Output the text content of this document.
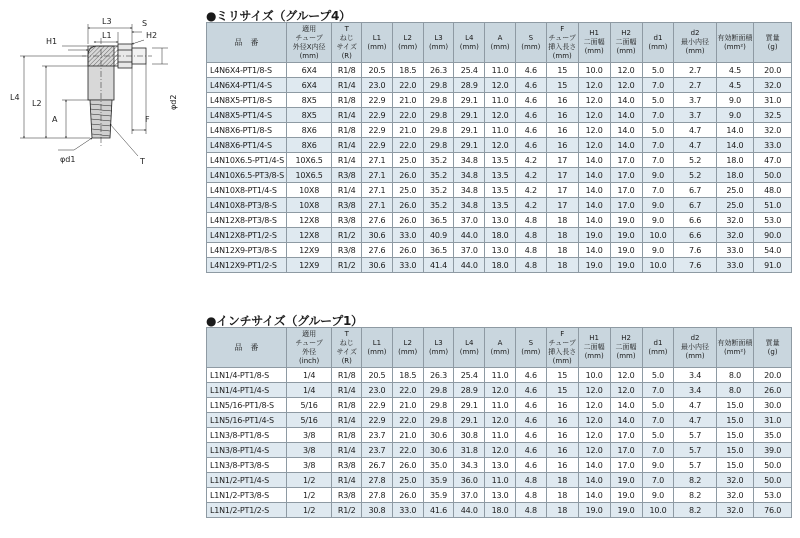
L3	S
H1
L1	H2
L4
L2
A	F
φd2
φd1	T
●ミリサイズ（グループ4）
品　番	適用
チューブ
外径X内径
(mm)	T
ねじ
サイズ
(R)	L1
(mm)	L2
(mm)	L3
(mm)	L4
(mm)	A
(mm)	S
(mm)	F
チューブ
挿入長さ
(mm)	H1
二面幅
(mm)	H2
二面幅
(mm)	d1
(mm)	d2
最小内径
(mm)	有効断面積
(mm²)	質量
(g)

L4N6X4-PT1/8-S	6X4	R1/8	20.5	18.5	26.3	25.4	11.0	4.6	15	10.0	12.0	5.0	2.7	4.5	20.0
L4N6X4-PT1/4-S	6X4	R1/4	23.0	22.0	29.8	28.9	12.0	4.6	15	12.0	12.0	7.0	2.7	4.5	32.0
L4N8X5-PT1/8-S	8X5	R1/8	22.9	21.0	29.8	29.1	11.0	4.6	16	12.0	14.0	5.0	3.7	9.0	31.0
L4N8X5-PT1/4-S	8X5	R1/4	22.9	22.0	29.8	29.1	12.0	4.6	16	12.0	14.0	7.0	3.7	9.0	32.5
L4N8X6-PT1/8-S	8X6	R1/8	22.9	21.0	29.8	29.1	11.0	4.6	16	12.0	14.0	5.0	4.7	14.0	32.0
L4N8X6-PT1/4-S	8X6	R1/4	22.9	22.0	29.8	29.1	12.0	4.6	16	12.0	14.0	7.0	4.7	14.0	33.0
L4N10X6.5-PT1/4-S	10X6.5	R1/4	27.1	25.0	35.2	34.8	13.5	4.2	17	14.0	17.0	7.0	5.2	18.0	47.0
L4N10X6.5-PT3/8-S	10X6.5	R3/8	27.1	26.0	35.2	34.8	13.5	4.2	17	14.0	17.0	9.0	5.2	18.0	50.0
L4N10X8-PT1/4-S	10X8	R1/4	27.1	25.0	35.2	34.8	13.5	4.2	17	14.0	17.0	7.0	6.7	25.0	48.0
L4N10X8-PT3/8-S	10X8	R3/8	27.1	26.0	35.2	34.8	13.5	4.2	17	14.0	17.0	9.0	6.7	25.0	51.0
L4N12X8-PT3/8-S	12X8	R3/8	27.6	26.0	36.5	37.0	13.0	4.8	18	14.0	19.0	9.0	6.6	32.0	53.0
L4N12X8-PT1/2-S	12X8	R1/2	30.6	33.0	40.9	44.0	18.0	4.8	18	19.0	19.0	10.0	6.6	32.0	90.0
L4N12X9-PT3/8-S	12X9	R3/8	27.6	26.0	36.5	37.0	13.0	4.8	18	14.0	19.0	9.0	7.6	33.0	54.0
L4N12X9-PT1/2-S	12X9	R1/2	30.6	33.0	41.4	44.0	18.0	4.8	18	19.0	19.0	10.0	7.6	33.0	91.0
●インチサイズ（グループ1）
品　番	適用
チューブ
外径
(inch)	T
ねじ
サイズ
(R)	L1
(mm)	L2
(mm)	L3
(mm)	L4
(mm)	A
(mm)	S
(mm)	F
チューブ
挿入長さ
(mm)	H1
二面幅
(mm)	H2
二面幅
(mm)	d1
(mm)	d2
最小内径
(mm)	有効断面積
(mm²)	質量
(g)

L1N1/4-PT1/8-S	1/4	R1/8	20.5	18.5	26.3	25.4	11.0	4.6	15	10.0	12.0	5.0	3.4	8.0	20.0
L1N1/4-PT1/4-S	1/4	R1/4	23.0	22.0	29.8	28.9	12.0	4.6	15	12.0	12.0	7.0	3.4	8.0	26.0
L1N5/16-PT1/8-S	5/16	R1/8	22.9	21.0	29.8	29.1	11.0	4.6	16	12.0	14.0	5.0	4.7	15.0	30.0
L1N5/16-PT1/4-S	5/16	R1/4	22.9	22.0	29.8	29.1	12.0	4.6	16	12.0	14.0	7.0	4.7	15.0	31.0
L1N3/8-PT1/8-S	3/8	R1/8	23.7	21.0	30.6	30.8	11.0	4.6	16	12.0	17.0	5.0	5.7	15.0	35.0
L1N3/8-PT1/4-S	3/8	R1/4	23.7	22.0	30.6	31.8	12.0	4.6	16	12.0	17.0	7.0	5.7	15.0	39.0
L1N3/8-PT3/8-S	3/8	R3/8	26.7	26.0	35.0	34.3	13.0	4.6	16	14.0	17.0	9.0	5.7	15.0	50.0
L1N1/2-PT1/4-S	1/2	R1/4	27.8	25.0	35.9	36.0	11.0	4.8	18	14.0	19.0	7.0	8.2	32.0	50.0
L1N1/2-PT3/8-S	1/2	R3/8	27.8	26.0	35.9	37.0	13.0	4.8	18	14.0	19.0	9.0	8.2	32.0	53.0
L1N1/2-PT1/2-S	1/2	R1/2	30.8	33.0	41.6	44.0	18.0	4.8	18	19.0	19.0	10.0	8.2	32.0	76.0
